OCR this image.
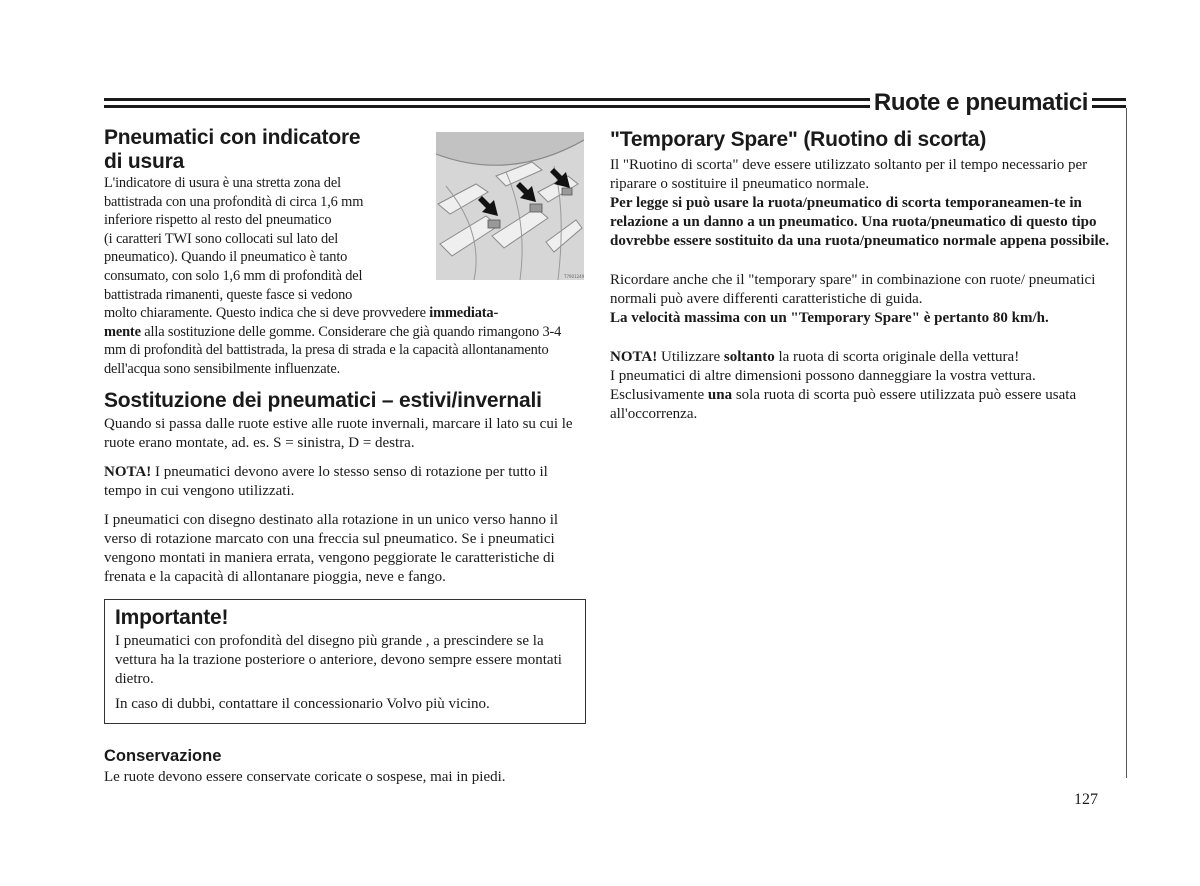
Ruote e pneumatici
T7901249
Pneumatici con indicatore
di usura

L'indicatore di usura è una stretta zona del

battistrada con una profondità di circa 1,6 mm

inferiore rispetto al resto del pneumatico

(i caratteri TWI sono collocati sul lato del

pneumatico). Quando il pneumatico è tanto

consumato, con solo 1,6 mm di profondità del

battistrada rimanenti, queste fasce si vedono

molto chiaramente. Questo indica che si deve provvedere immediata-
mente alla sostituzione delle gomme. Considerare che già quando rimangono 3-4 mm di profondità del battistrada, la presa di strada e la capacità allontanamento dell'acqua sono sensibilmente influenzate.

Sostituzione dei pneumatici – estivi/invernali

Quando si passa dalle ruote estive alle ruote invernali, marcare il lato su cui le ruote erano montate, ad. es. S = sinistra, D = destra.

NOTA! I pneumatici devono avere lo stesso senso di rotazione per tutto il tempo in cui vengono utilizzati.

I pneumatici con disegno destinato alla rotazione in un unico verso hanno il verso di rotazione marcato con una freccia sul pneumatico. Se i pneumatici vengono montati in maniera errata, vengono peggiorate le caratteristiche di frenata e la capacità di allontanare pioggia, neve e fango.

Importante!

I pneumatici con profondità del disegno più grande , a prescindere se la vettura ha la trazione posteriore o anteriore, devono sempre essere montati dietro.

In caso di dubbi, contattare il concessionario Volvo più vicino.

Conservazione

Le ruote devono essere conservate coricate o sospese, mai in piedi.

"Temporary Spare" (Ruotino di scorta)

Il "Ruotino di scorta" deve essere utilizzato soltanto per il tempo necessario per riparare o sostituire il pneumatico normale.

Per legge si può usare la ruota/pneumatico di scorta temporaneamen-te in relazione a un danno a un pneumatico. Una ruota/pneumatico di questo tipo dovrebbe essere sostituito da una ruota/pneumatico normale appena possibile.

Ricordare anche che il "temporary spare" in combinazione con ruote/ pneumatici normali può avere differenti caratteristiche di guida.

La velocità massima con un "Temporary Spare" è pertanto 80 km/h.

NOTA! Utilizzare soltanto la ruota di scorta originale della vettura!

I pneumatici di altre dimensioni possono danneggiare la vostra vettura.

Esclusivamente una sola ruota di scorta può essere utilizzata può essere usata all'occorrenza.

127
